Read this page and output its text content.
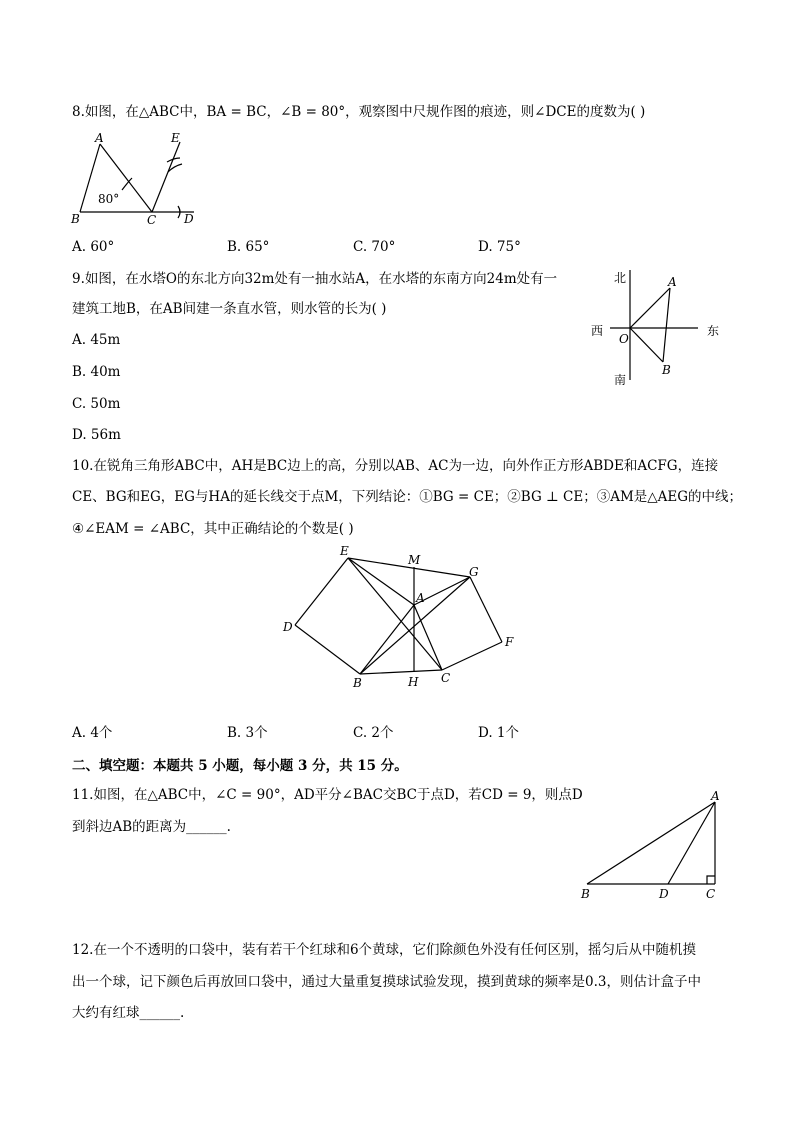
8.如图，在△ABC中，BA = BC，∠B = 80°，观察图中尺规作图的痕迹，则∠DCE的度数为( )
A
B	C D
E
80°
A. 60°	B. 65°	C. 70°	D. 75°
9.如图，在水塔O的东北方向32m处有一抽水站A，在水塔的东南方向24m处有一
建筑工地B，在AB间建一条直水管，则水管的长为( )
北
南
西	东
O
A
B
A. 45m
B. 40m
C. 50m
D. 56m
10.在锐角三角形ABC中，AH是BC边上的高，分别以AB、AC为一边，向外作正方形ABDE和ACFG，连接
CE、BG和EG，EG与HA的延长线交于点M，下列结论：①BG = CE；②BG ⊥ CE；③AM是△AEG的中线；
④∠EAM = ∠ABC，其中正确结论的个数是( )
E
M
G
A
D
F
B	H C
A. 4个	B. 3个	C. 2个	D. 1个
二、填空题：本题共 5 小题，每小题 3 分，共 15 分。
11.如图，在△ABC中，∠C = 90°，AD平分∠BAC交BC于点D，若CD = 9，则点D
到斜边AB的距离为______.
A
B	D	C
12.在一个不透明的口袋中，装有若干个红球和6个黄球，它们除颜色外没有任何区别，摇匀后从中随机摸
出一个球，记下颜色后再放回口袋中，通过大量重复摸球试验发现，摸到黄球的频率是0.3，则估计盒子中
大约有红球______.
